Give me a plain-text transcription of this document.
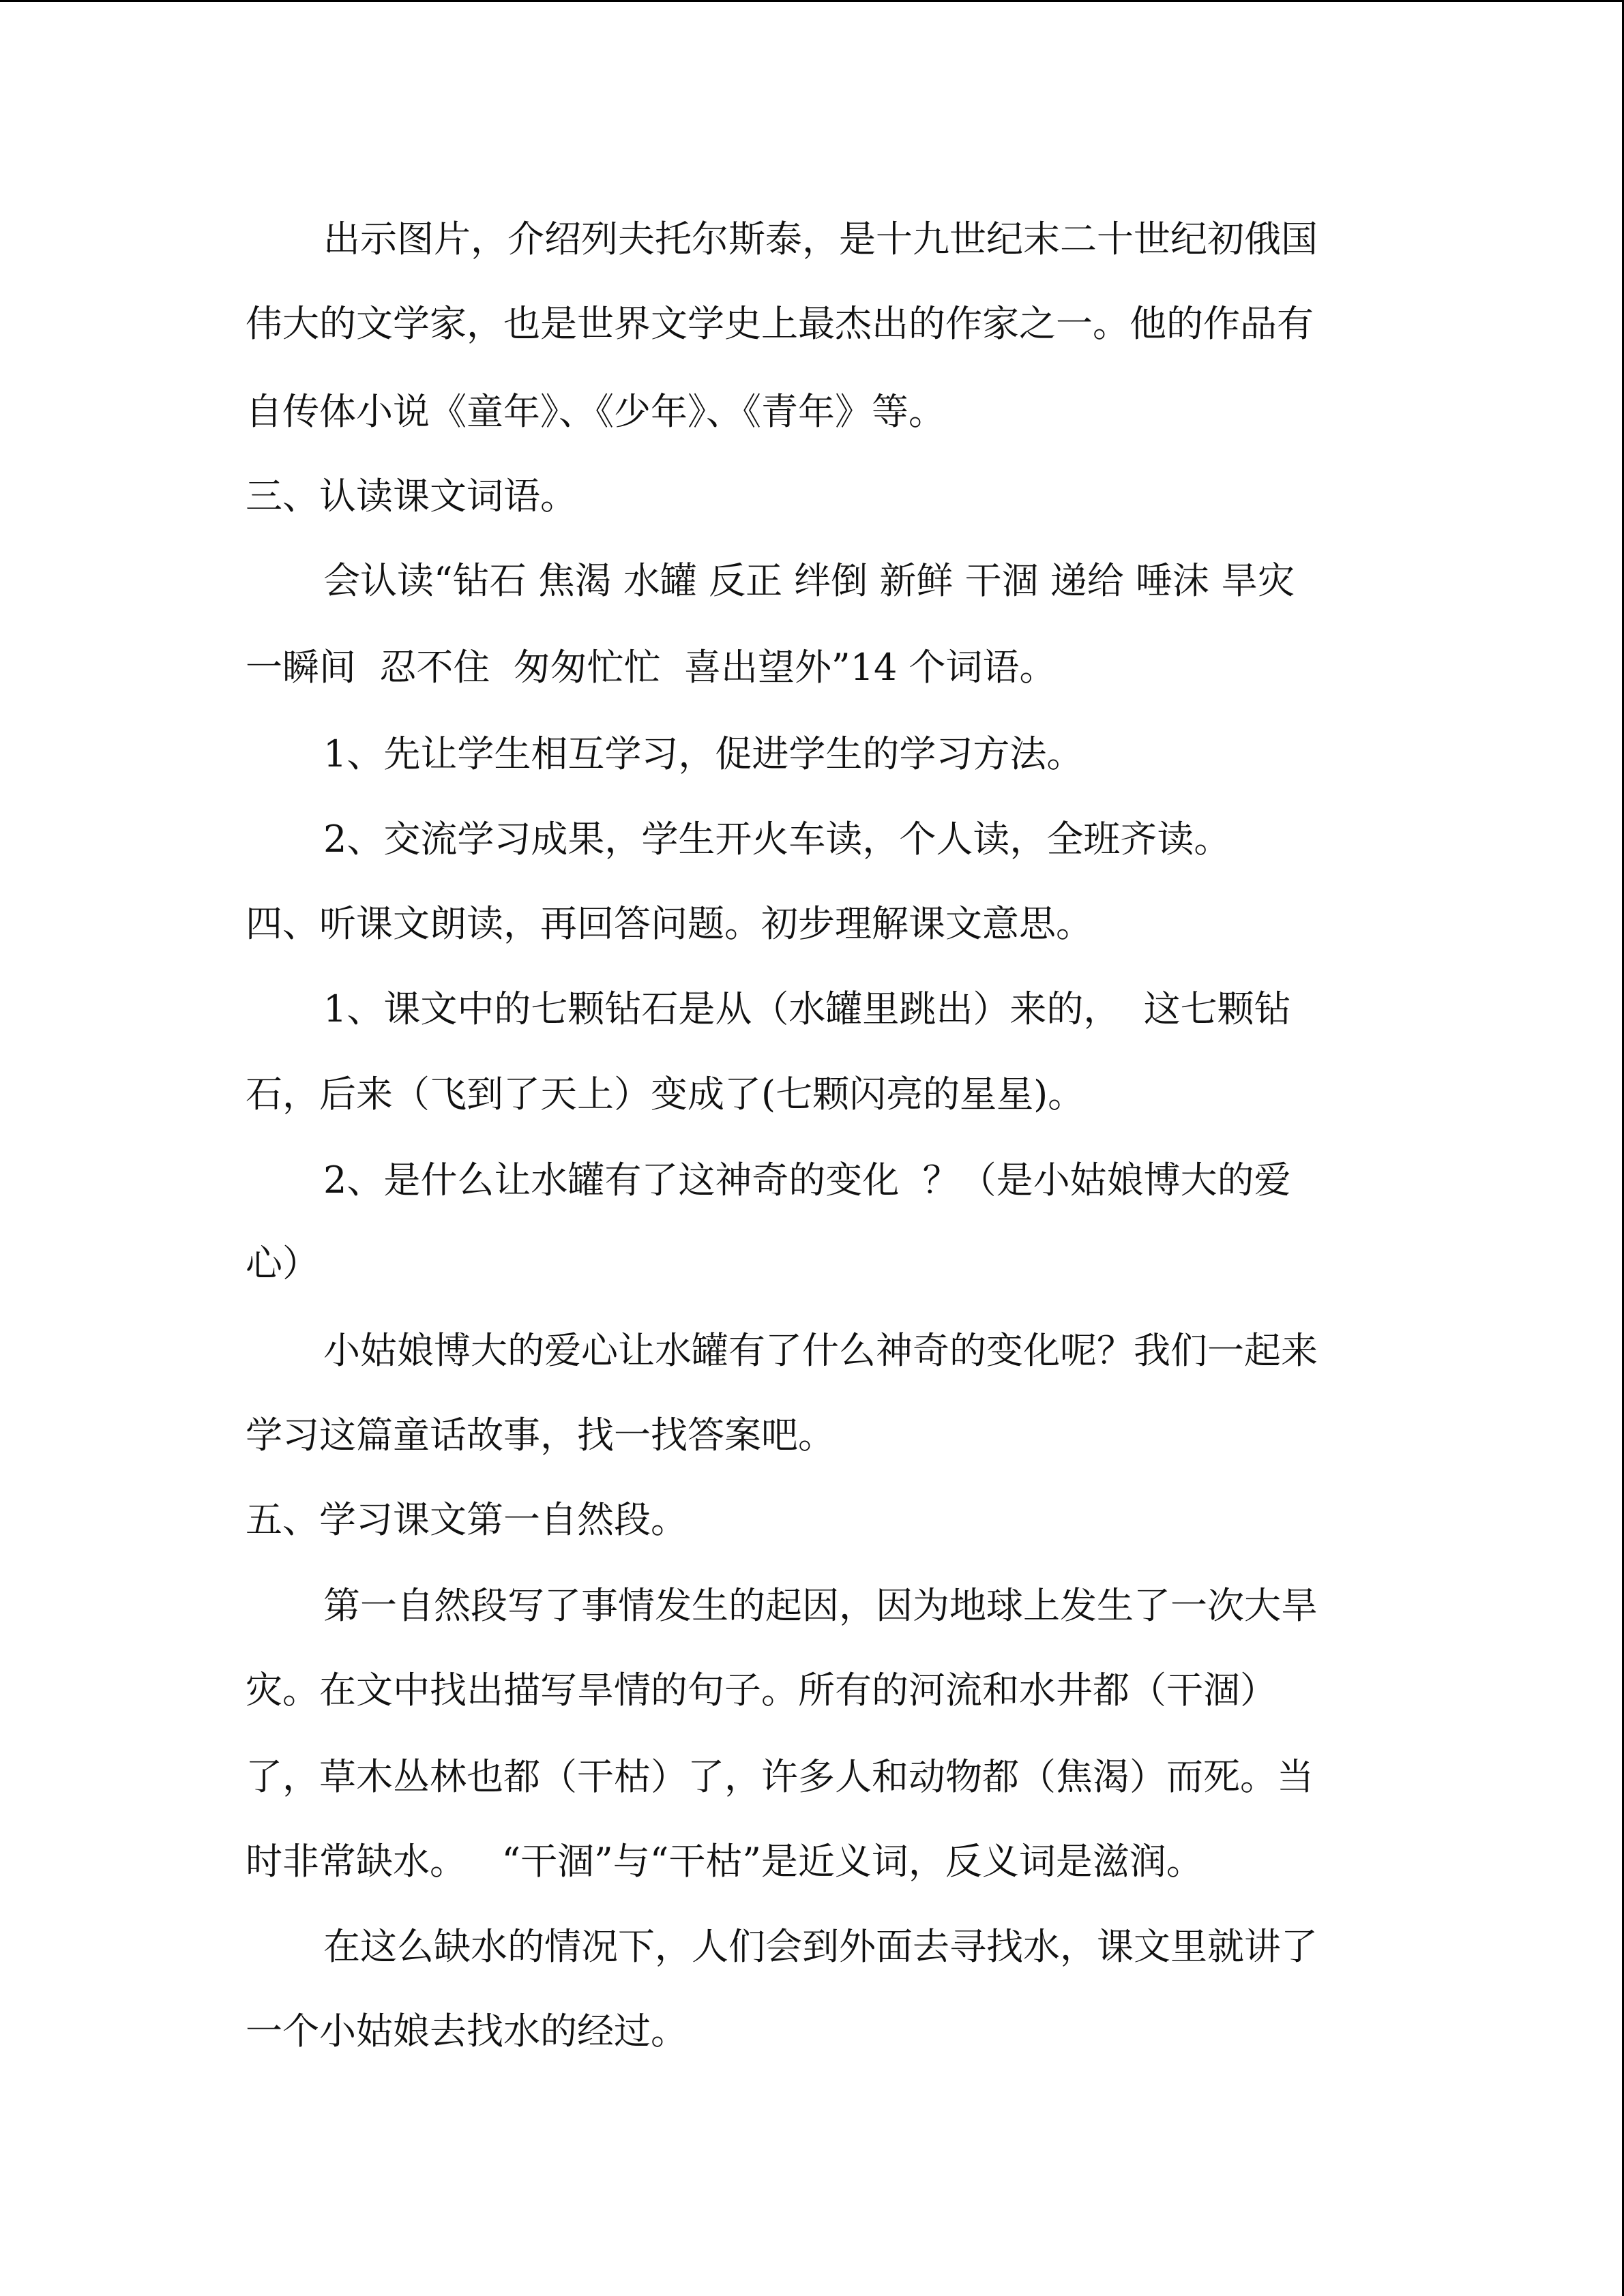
出示图片，介绍列夫托尔斯泰，是十九世纪末二十世纪初俄国

伟大的文学家，也是世界文学史上最杰出的作家之一。他的作品有

自传体小说《童年》、《少年》、《青年》等。

三、认读课文词语。

会认读“钻石 焦渴 水罐 反正 绊倒 新鲜 干涸 递给 唾沫 旱灾

一瞬间  忍不住  匆匆忙忙  喜出望外”14 个词语。

1、先让学生相互学习，促进学生的学习方法。

2、交流学习成果，学生开火车读，个人读，全班齐读。

四、听课文朗读，再回答问题。初步理解课文意思。

1、课文中的七颗钻石是从（水罐里跳出）来的，  这七颗钻

石，后来（飞到了天上）变成了(七颗闪亮的星星)。

2、是什么让水罐有了这神奇的变化  ？（是小姑娘博大的爱

心）

小姑娘博大的爱心让水罐有了什么神奇的变化呢？我们一起来

学习这篇童话故事，找一找答案吧。

五、学习课文第一自然段。

第一自然段写了事情发生的起因，因为地球上发生了一次大旱

灾。在文中找出描写旱情的句子。所有的河流和水井都（干涸）

了，草木丛林也都（干枯）了，许多人和动物都（焦渴）而死。当

时非常缺水。   “干涸”与“干枯”是近义词，反义词是滋润。

在这么缺水的情况下，人们会到外面去寻找水，课文里就讲了

一个小姑娘去找水的经过。
